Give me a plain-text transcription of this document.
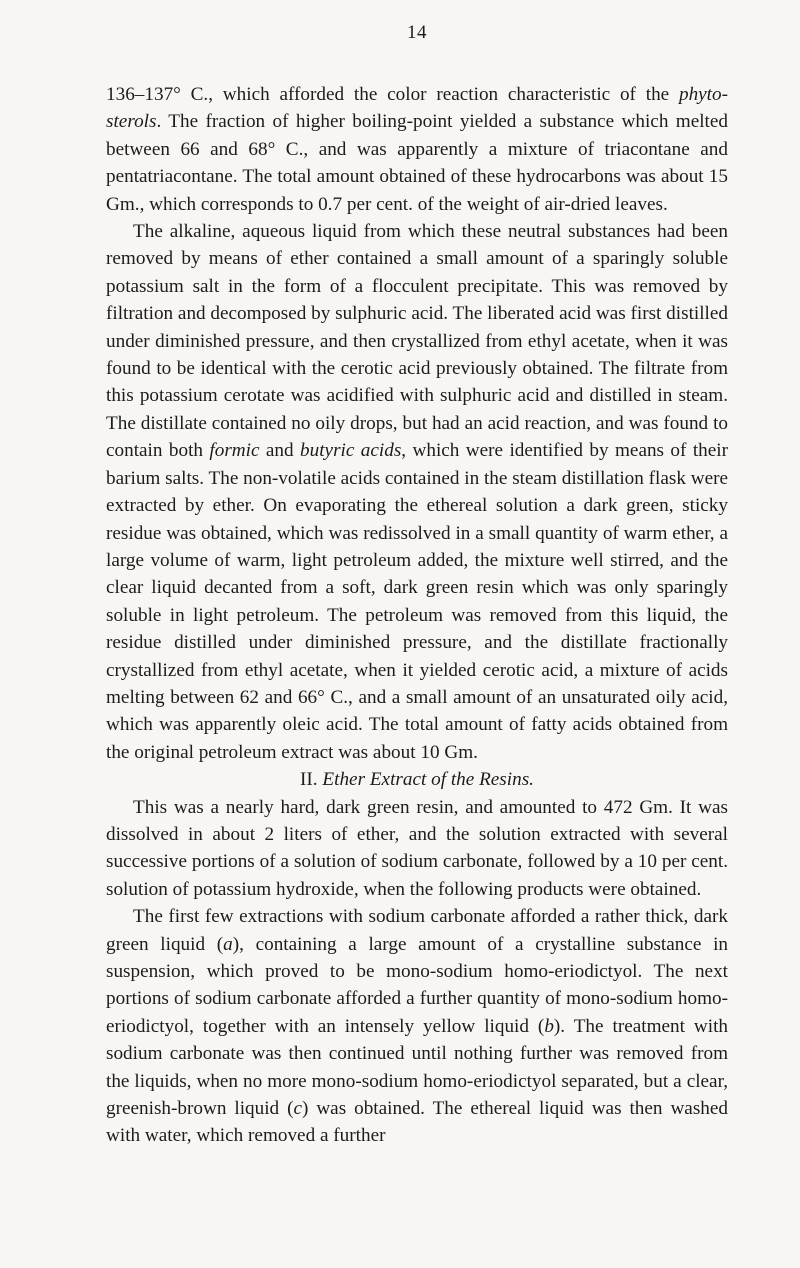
14

136–137° C., which afforded the color reaction characteristic of the phyto-sterols. The fraction of higher boiling-point yielded a substance which melted between 66 and 68° C., and was apparently a mixture of triacontane and pentatriacontane. The total amount obtained of these hydrocarbons was about 15 Gm., which corresponds to 0.7 per cent. of the weight of air-dried leaves.

The alkaline, aqueous liquid from which these neutral substances had been removed by means of ether contained a small amount of a sparingly soluble potassium salt in the form of a flocculent precipitate. This was removed by filtration and decomposed by sulphuric acid. The liberated acid was first distilled under diminished pressure, and then crystallized from ethyl acetate, when it was found to be identical with the cerotic acid previously obtained. The filtrate from this potassium cerotate was acidified with sulphuric acid and distilled in steam. The distillate contained no oily drops, but had an acid reaction, and was found to contain both formic and butyric acids, which were identified by means of their barium salts. The non-volatile acids contained in the steam distillation flask were extracted by ether. On evaporating the ethereal solution a dark green, sticky residue was obtained, which was redissolved in a small quantity of warm ether, a large volume of warm, light petroleum added, the mixture well stirred, and the clear liquid decanted from a soft, dark green resin which was only sparingly soluble in light petroleum. The petroleum was removed from this liquid, the residue distilled under diminished pressure, and the distillate fractionally crystallized from ethyl acetate, when it yielded cerotic acid, a mixture of acids melting between 62 and 66° C., and a small amount of an unsaturated oily acid, which was apparently oleic acid. The total amount of fatty acids obtained from the original petroleum extract was about 10 Gm.

II. Ether Extract of the Resins.

This was a nearly hard, dark green resin, and amounted to 472 Gm. It was dissolved in about 2 liters of ether, and the solution extracted with several successive portions of a solution of sodium carbonate, followed by a 10 per cent. solution of potassium hydroxide, when the following products were obtained.

The first few extractions with sodium carbonate afforded a rather thick, dark green liquid (a), containing a large amount of a crystalline substance in suspension, which proved to be mono-sodium homo-eriodictyol. The next portions of sodium carbonate afforded a further quantity of mono-sodium homo-eriodictyol, together with an intensely yellow liquid (b). The treatment with sodium carbonate was then continued until nothing further was removed from the liquids, when no more mono-sodium homo-eriodictyol separated, but a clear, greenish-brown liquid (c) was obtained. The ethereal liquid was then washed with water, which removed a further
